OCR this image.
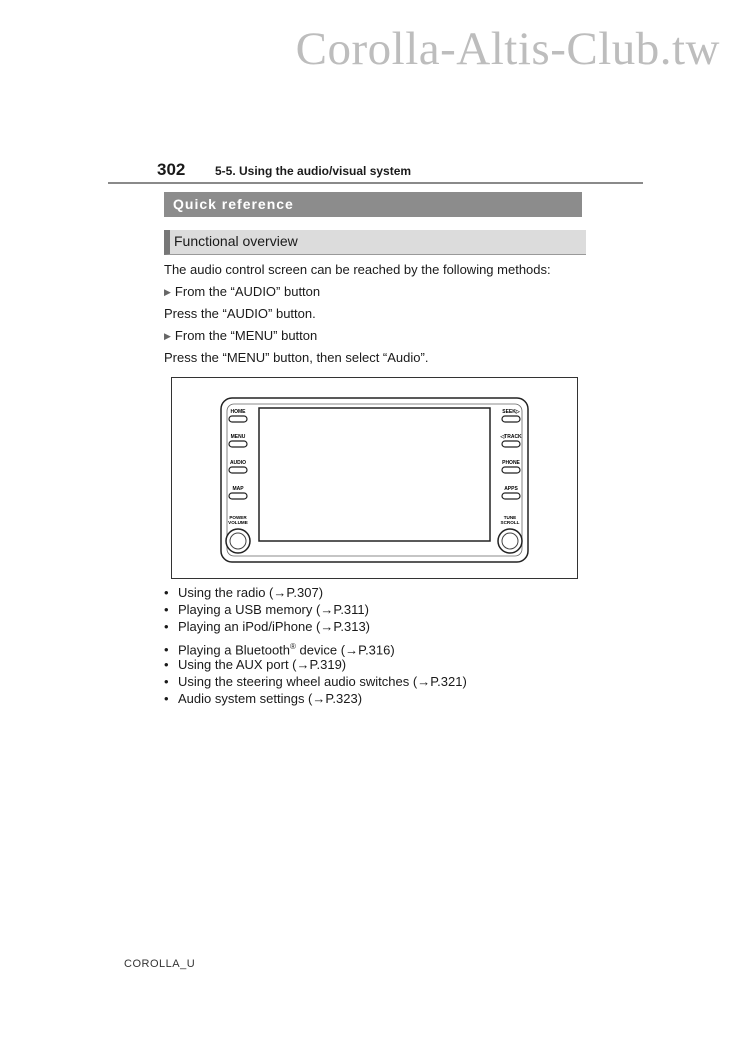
Corolla-Altis-Club.tw
302 5-5. Using the audio/visual system
Quick reference
Functional overview
The audio control screen can be reached by the following methods:
▶ From the “AUDIO” button
Press the “AUDIO” button.
▶ From the “MENU” button
Press the “MENU” button, then select “Audio”.
HOME
MENU
AUDIO
MAP
SEEK▷
◁TRACK
PHONE
APPS
POWER
VOLUME
TUNE
SCROLL
• Using the radio (→P.307)
• Playing a USB memory (→P.311)
• Playing an iPod/iPhone (→P.313)
• Playing a Bluetooth® device (→P.316)
• Using the AUX port (→P.319)
• Using the steering wheel audio switches (→P.321)
• Audio system settings (→P.323)
COROLLA_U
